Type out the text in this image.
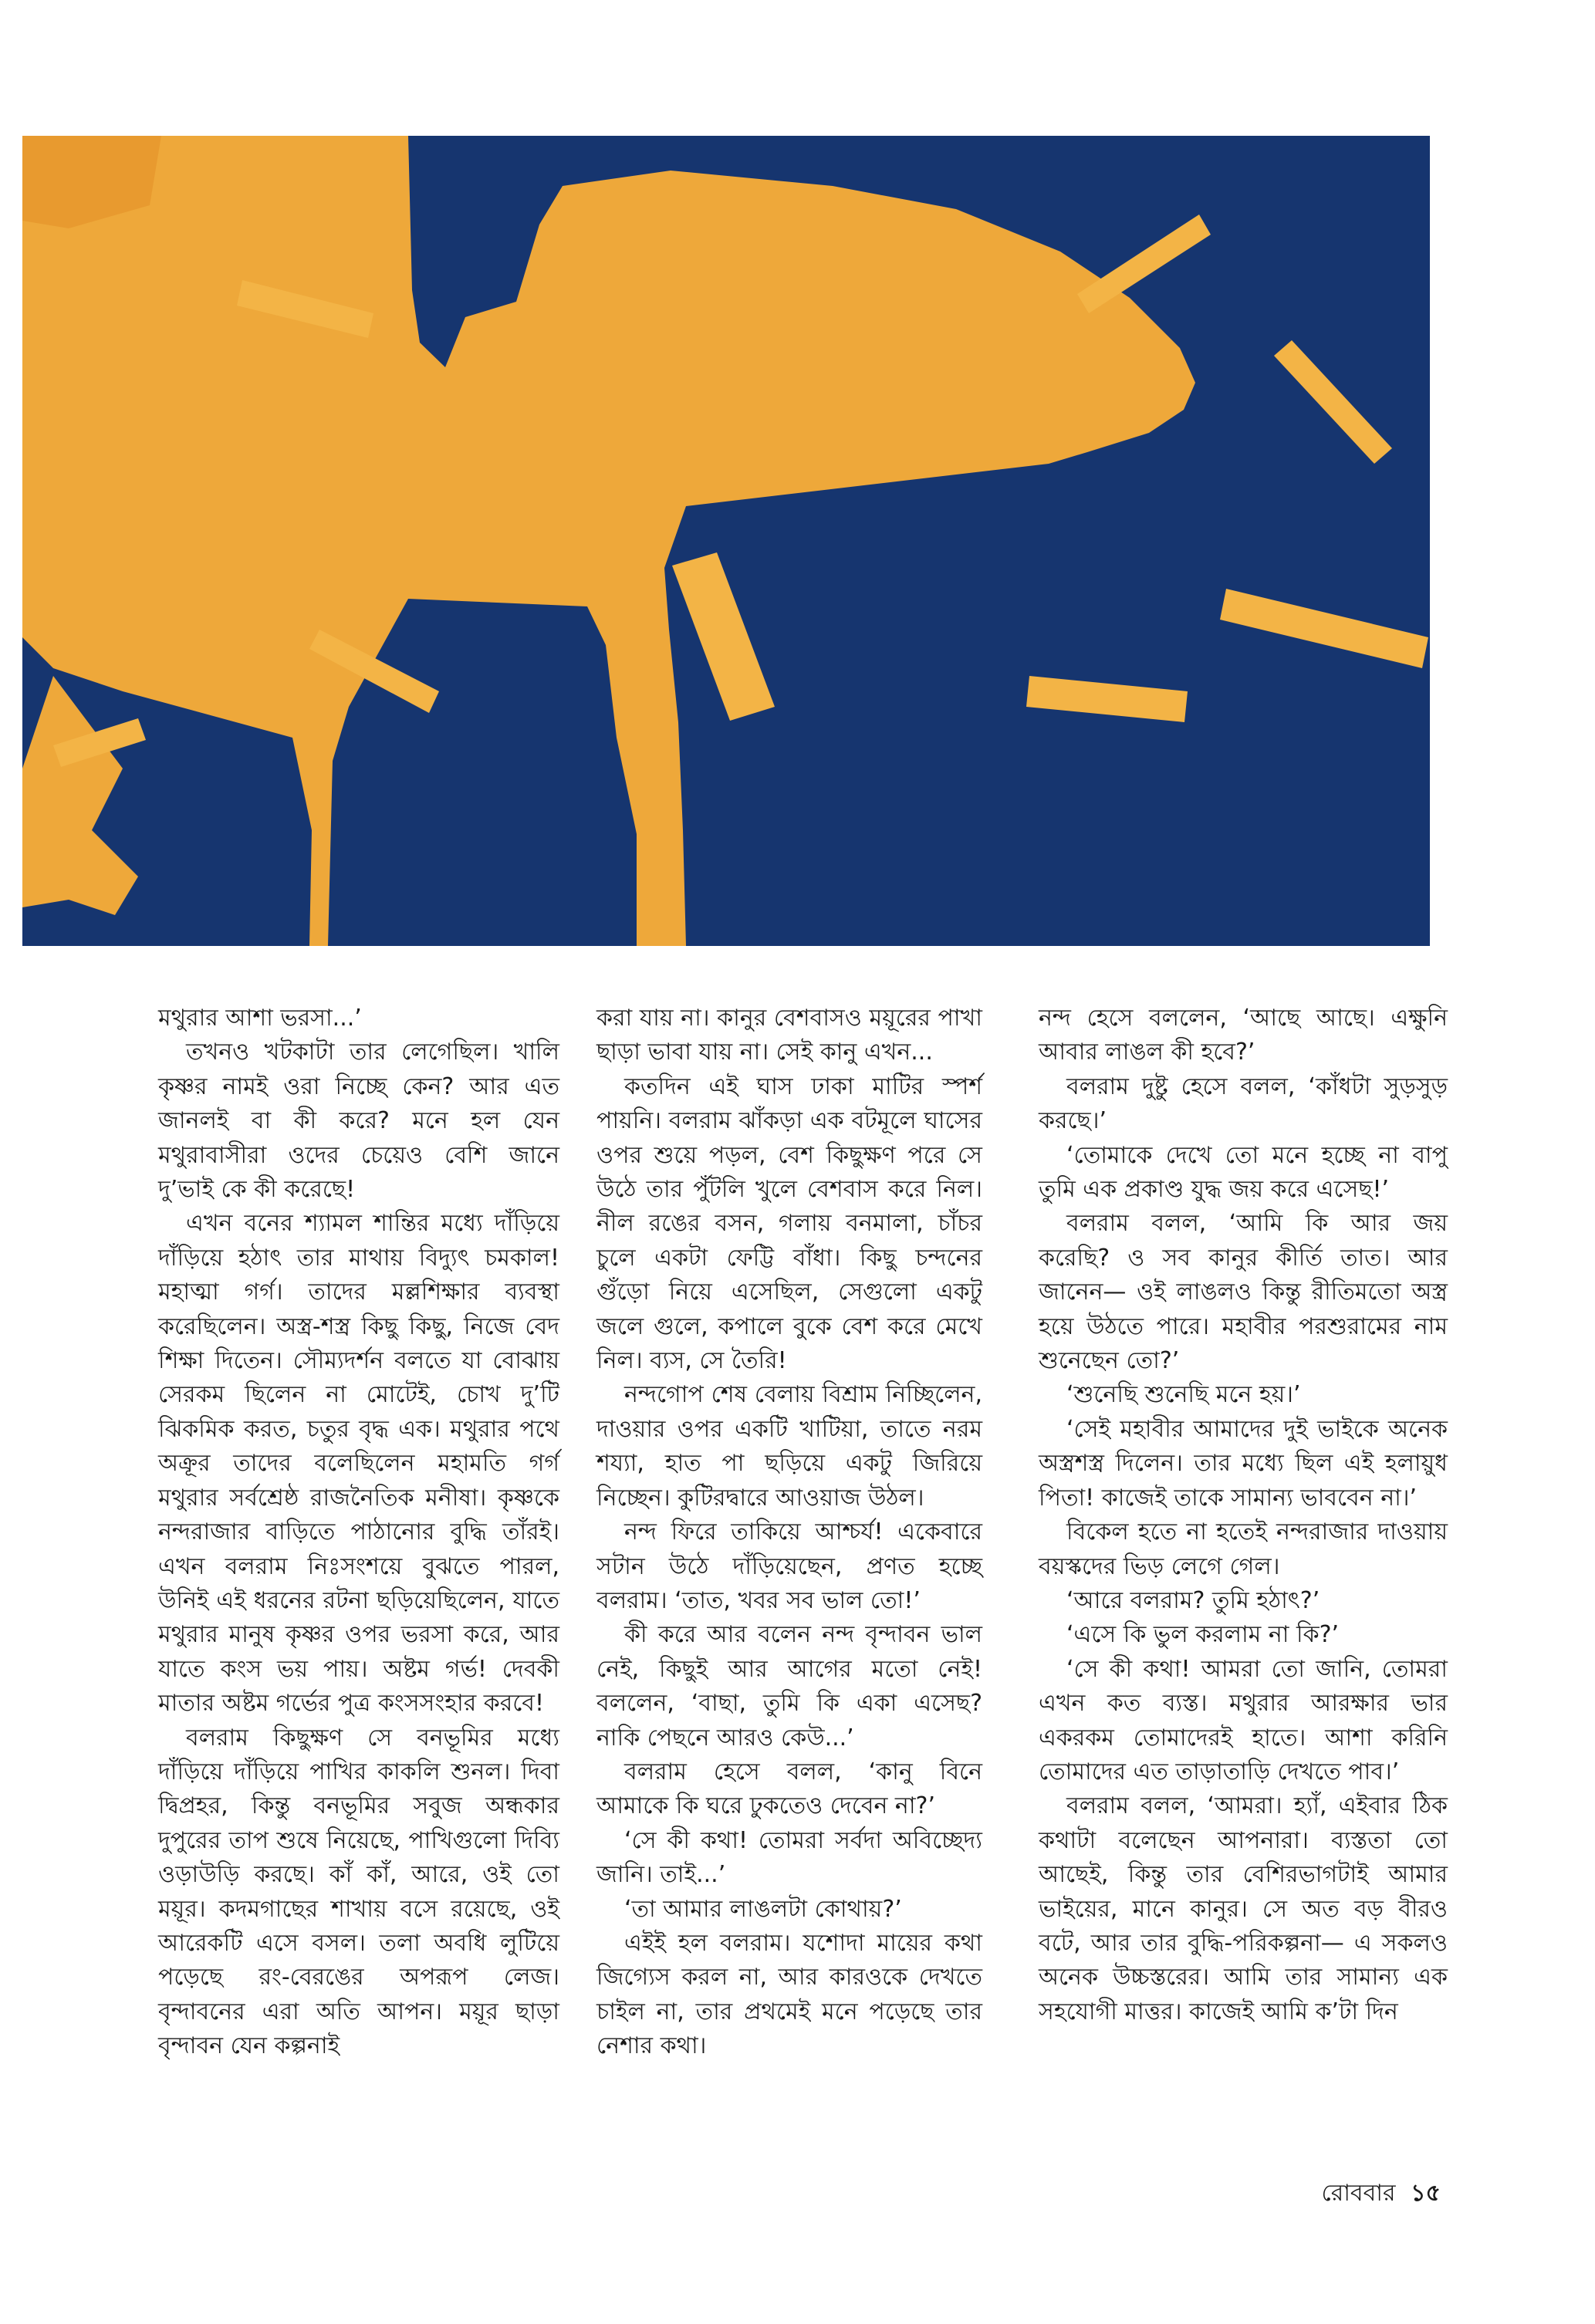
মথুরার আশা ভরসা...’

তখনও খটকাটা তার লেগেছিল। খালি কৃষ্ণর নামই ওরা নিচ্ছে কেন? আর এত জানলই বা কী করে? মনে হল যেন মথুরাবাসীরা ওদের চেয়েও বেশি জানে দু’ভাই কে কী করেছে!

এখন বনের শ্যামল শান্তির মধ্যে দাঁড়িয়ে দাঁড়িয়ে হঠাৎ তার মাথায় বিদ্যুৎ চমকাল! মহাত্মা গর্গ। তাদের মল্লশিক্ষার ব্যবস্থা করেছিলেন। অস্ত্র-শস্ত্র কিছু কিছু, নিজে বেদ শিক্ষা দিতেন। সৌম্যদর্শন বলতে যা বোঝায় সেরকম ছিলেন না মোটেই, চোখ দু’টি ঝিকমিক করত, চতুর বৃদ্ধ এক। মথুরার পথে অক্রূর তাদের বলেছিলেন মহামতি গর্গ মথুরার সর্বশ্রেষ্ঠ রাজনৈতিক মনীষা। কৃষ্ণকে নন্দরাজার বাড়িতে পাঠানোর বুদ্ধি তাঁরই। এখন বলরাম নিঃসংশয়ে বুঝতে পারল, উনিই এই ধরনের রটনা ছড়িয়েছিলেন, যাতে মথুরার মানুষ কৃষ্ণর ওপর ভরসা করে, আর যাতে কংস ভয় পায়। অষ্টম গর্ভ! দেবকী মাতার অষ্টম গর্ভের পুত্র কংসসংহার করবে!

বলরাম কিছুক্ষণ সে বনভূমির মধ্যে দাঁড়িয়ে দাঁড়িয়ে পাখির কাকলি শুনল। দিবা দ্বিপ্রহর, কিন্তু বনভূমির সবুজ অন্ধকার দুপুরের তাপ শুষে নিয়েছে, পাখিগুলো দিব্যি ওড়াউড়ি করছে। কাঁ কাঁ, আরে, ওই তো ময়ূর। কদমগাছের শাখায় বসে রয়েছে, ওই আরেকটি এসে বসল। তলা অবধি লুটিয়ে পড়েছে রং-বেরঙের অপরূপ লেজ। বৃন্দাবনের এরা অতি আপন। ময়ূর ছাড়া বৃন্দাবন যেন কল্পনাই

করা যায় না। কানুর বেশবাসও ময়ূরের পাখা ছাড়া ভাবা যায় না। সেই কানু এখন...

কতদিন এই ঘাস ঢাকা মাটির স্পর্শ পায়নি। বলরাম ঝাঁকড়া এক বটমূলে ঘাসের ওপর শুয়ে পড়ল, বেশ কিছুক্ষণ পরে সে উঠে তার পুঁটলি খুলে বেশবাস করে নিল। নীল রঙের বসন, গলায় বনমালা, চাঁচর চুলে একটা ফেট্টি বাঁধা। কিছু চন্দনের গুঁড়ো নিয়ে এসেছিল, সেগুলো একটু জলে গুলে, কপালে বুকে বেশ করে মেখে নিল। ব্যস, সে তৈরি!

নন্দগোপ শেষ বেলায় বিশ্রাম নিচ্ছিলেন, দাওয়ার ওপর একটি খাটিয়া, তাতে নরম শয্যা, হাত পা ছড়িয়ে একটু জিরিয়ে নিচ্ছেন। কুটিরদ্বারে আওয়াজ উঠল।

নন্দ ফিরে তাকিয়ে আশ্চর্য! একেবারে সটান উঠে দাঁড়িয়েছেন, প্রণত হচ্ছে বলরাম। ‘তাত, খবর সব ভাল তো!’

কী করে আর বলেন নন্দ বৃন্দাবন ভাল নেই, কিছুই আর আগের মতো নেই! বললেন, ‘বাছা, তুমি কি একা এসেছ? নাকি পেছনে আরও কেউ...’

বলরাম হেসে বলল, ‘কানু বিনে আমাকে কি ঘরে ঢুকতেও দেবেন না?’

‘সে কী কথা! তোমরা সর্বদা অবিচ্ছেদ্য জানি। তাই...’

‘তা আমার লাঙলটা কোথায়?’

এইই হল বলরাম। যশোদা মায়ের কথা জিগ্যেস করল না, আর কারওকে দেখতে চাইল না, তার প্রথমেই মনে পড়েছে তার নেশার কথা।

নন্দ হেসে বললেন, ‘আছে আছে। এক্ষুনি আবার লাঙল কী হবে?’

বলরাম দুষ্টু হেসে বলল, ‘কাঁধটা সুড়সুড় করছে।’

‘তোমাকে দেখে তো মনে হচ্ছে না বাপু তুমি এক প্রকাণ্ড যুদ্ধ জয় করে এসেছ!’

বলরাম বলল, ‘আমি কি আর জয় করেছি? ও সব কানুর কীর্তি তাত। আর জানেন— ওই লাঙলও কিন্তু রীতিমতো অস্ত্র হয়ে উঠতে পারে। মহাবীর পরশুরামের নাম শুনেছেন তো?’

‘শুনেছি শুনেছি মনে হয়।’

‘সেই মহাবীর আমাদের দুই ভাইকে অনেক অস্ত্রশস্ত্র দিলেন। তার মধ্যে ছিল এই হলায়ুধ পিতা! কাজেই তাকে সামান্য ভাববেন না।’

বিকেল হতে না হতেই নন্দরাজার দাওয়ায় বয়স্কদের ভিড় লেগে গেল।

‘আরে বলরাম? তুমি হঠাৎ?’

‘এসে কি ভুল করলাম না কি?’

‘সে কী কথা! আমরা তো জানি, তোমরা এখন কত ব্যস্ত। মথুরার আরক্ষার ভার একরকম তোমাদেরই হাতে। আশা করিনি তোমাদের এত তাড়াতাড়ি দেখতে পাব।’

বলরাম বলল, ‘আমরা। হ্যাঁ, এইবার ঠিক কথাটা বলেছেন আপনারা। ব্যস্ততা তো আছেই, কিন্তু তার বেশিরভাগটাই আমার ভাইয়ের, মানে কানুর। সে অত বড় বীরও বটে, আর তার বুদ্ধি-পরিকল্পনা— এ সকলও অনেক উচ্চস্তরের। আমি তার সামান্য এক সহযোগী মাত্তর। কাজেই আমি ক’টা দিন

রোববার ১৫
